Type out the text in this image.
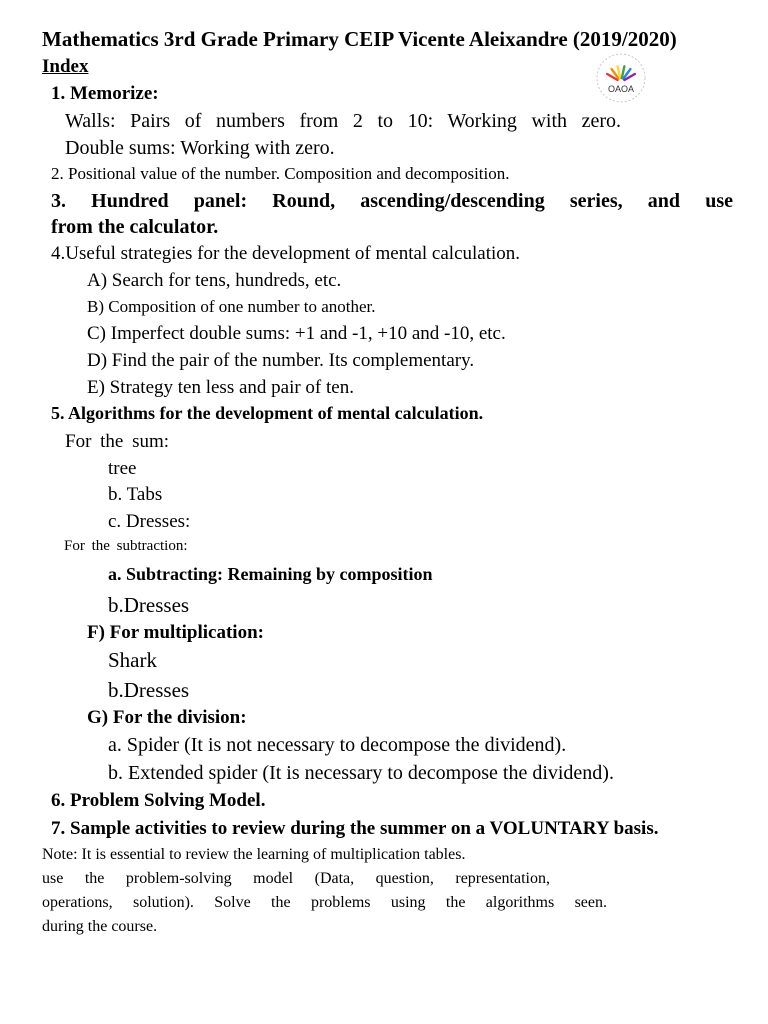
Mathematics 3rd Grade Primary CEIP Vicente Aleixandre (2019/2020)
Index
OAOA
1. Memorize:
Walls: Pairs of numbers from 2 to 10: Working with zero.
Double sums: Working with zero.
2. Positional value of the number. Composition and decomposition.
3. Hundred panel: Round, ascending/descending series, and use
from the calculator.
4.Useful strategies for the development of mental calculation.
A) Search for tens, hundreds, etc.
B) Composition of one number to another.
C) Imperfect double sums: +1 and -1, +10 and -10, etc.
D) Find the pair of the number. Its complementary.
E) Strategy ten less and pair of ten.
5. Algorithms for the development of mental calculation.
For the sum:
tree
b. Tabs
c. Dresses:
For the subtraction:
a. Subtracting: Remaining by composition
b.Dresses
F) For multiplication:
Shark
b.Dresses
G) For the division:
a. Spider (It is not necessary to decompose the dividend).
b. Extended spider (It is necessary to decompose the dividend).
6. Problem Solving Model.
7. Sample activities to review during the summer on a VOLUNTARY basis.
Note: It is essential to review the learning of multiplication tables.
use the problem-solving model (Data, question, representation,
operations, solution). Solve the problems using the algorithms seen.
during the course.
